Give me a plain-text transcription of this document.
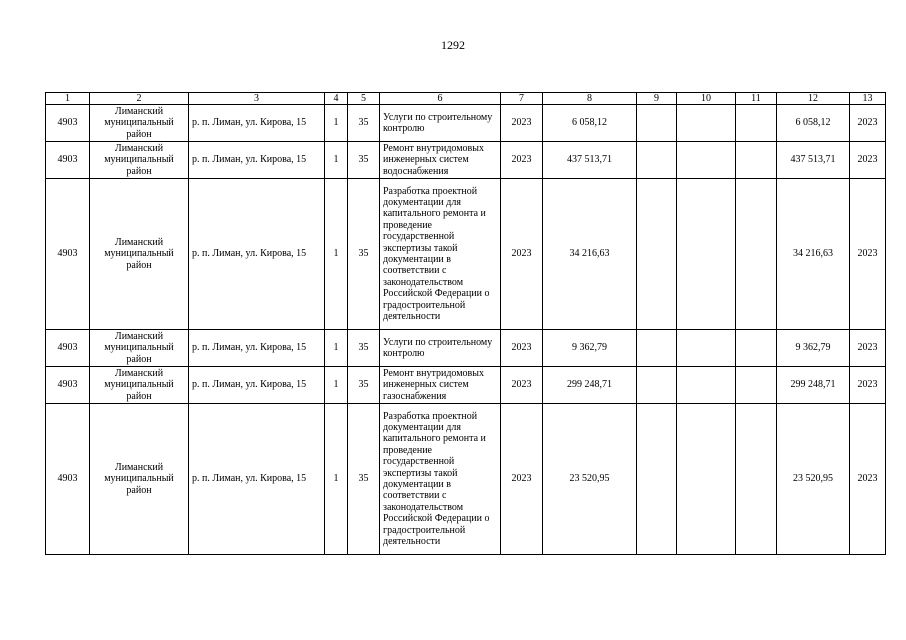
1292
1	2	3	4	5	6	7	8	9	10	11	12	13
4903	Лиманский муниципальный район	р. п. Лиман, ул. Кирова, 15	1	35	Услуги по строительному контролю	2023	6 058,12				6 058,12	2023
4903	Лиманский муниципальный район	р. п. Лиман, ул. Кирова, 15	1	35	Ремонт внутридомовых инженерных систем водоснабжения	2023	437 513,71				437 513,71	2023
4903	Лиманский муниципальный район	р. п. Лиман, ул. Кирова, 15	1	35	Разработка проектной документации для капитального ремонта и проведение государственной экспертизы такой документации в соответствии с законодательством Российской Федерации о градостроительной деятельности	2023	34 216,63				34 216,63	2023
4903	Лиманский муниципальный район	р. п. Лиман, ул. Кирова, 15	1	35	Услуги по строительному контролю	2023	9 362,79				9 362,79	2023
4903	Лиманский муниципальный район	р. п. Лиман, ул. Кирова, 15	1	35	Ремонт внутридомовых инженерных систем газоснабжения	2023	299 248,71				299 248,71	2023
4903	Лиманский муниципальный район	р. п. Лиман, ул. Кирова, 15	1	35	Разработка проектной документации для капитального ремонта и проведение государственной экспертизы такой документации в соответствии с законодательством Российской Федерации о градостроительной деятельности	2023	23 520,95				23 520,95	2023
